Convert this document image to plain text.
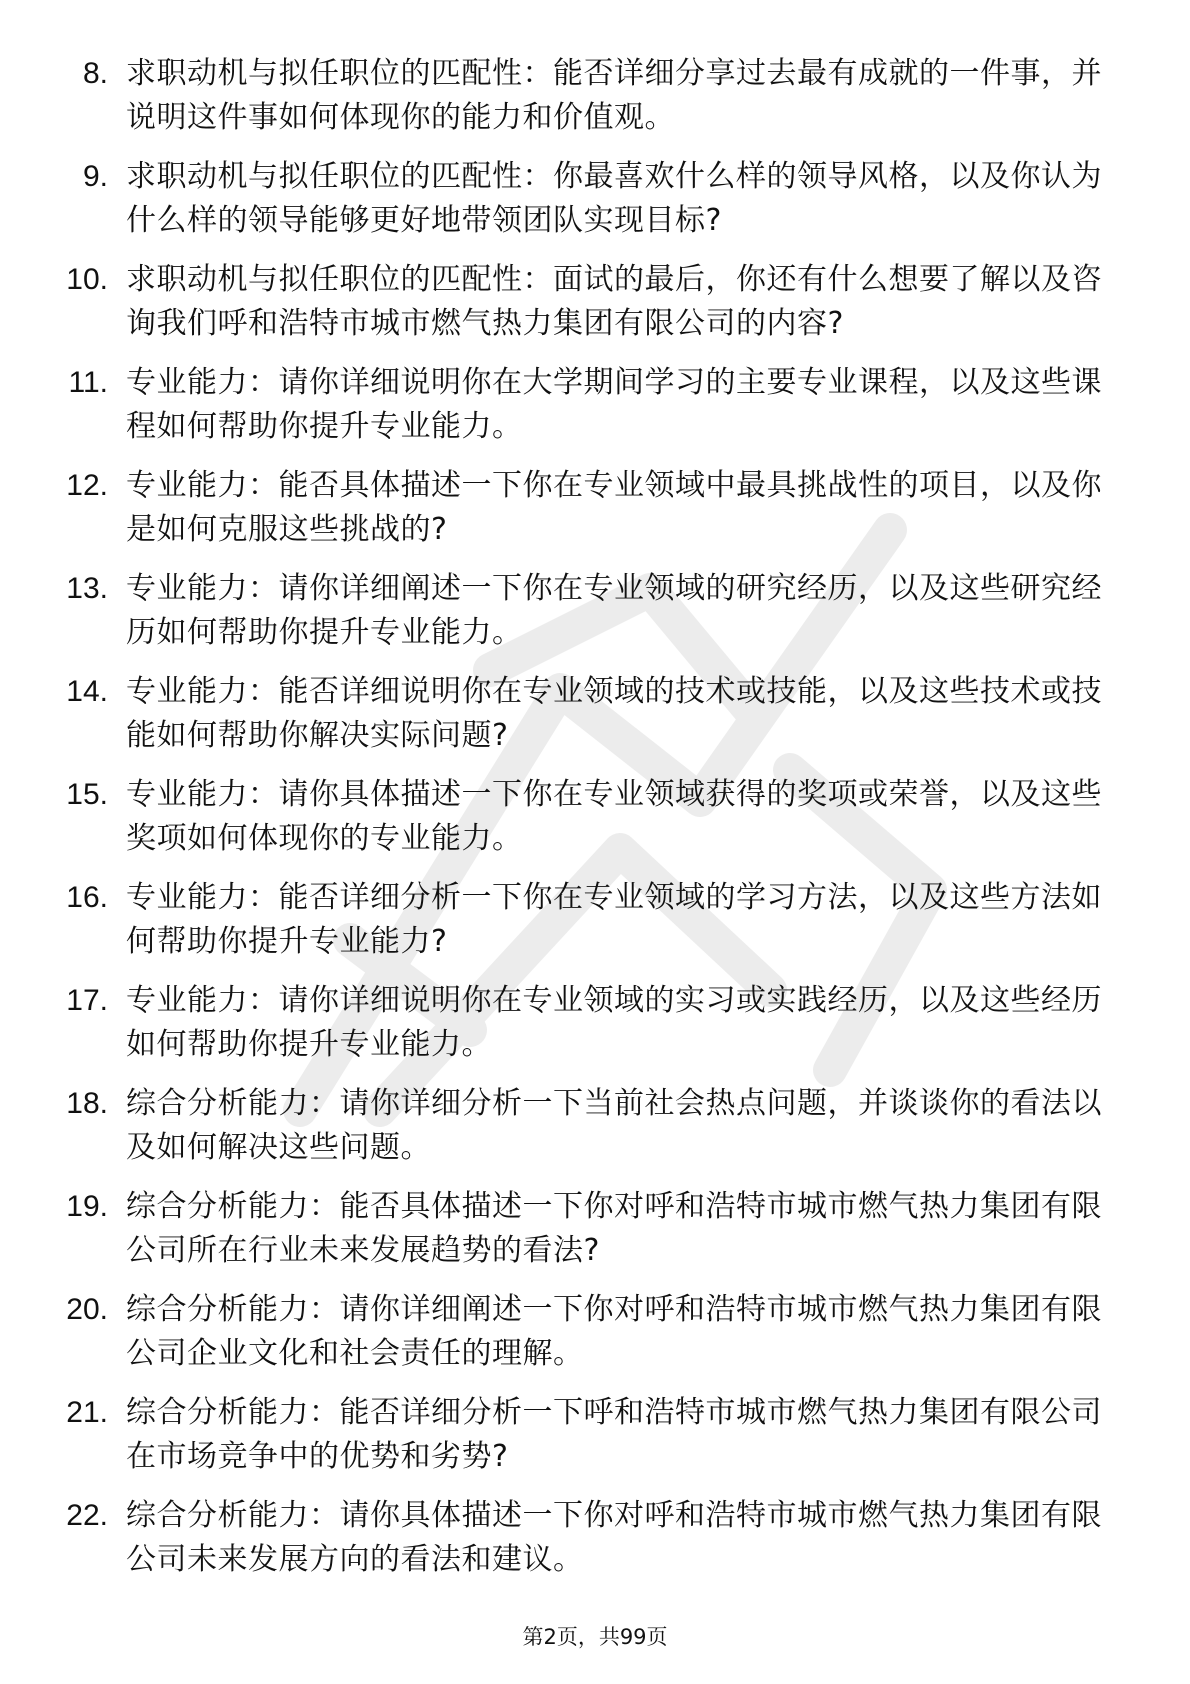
8. 求职动机与拟任职位的匹配性：能否详细分享过去最有成就的一件事，并说明这件事如何体现你的能力和价值观。
9. 求职动机与拟任职位的匹配性：你最喜欢什么样的领导风格，以及你认为什么样的领导能够更好地带领团队实现目标?
10. 求职动机与拟任职位的匹配性：面试的最后，你还有什么想要了解以及咨询我们呼和浩特市城市燃气热力集团有限公司的内容?
11. 专业能力：请你详细说明你在大学期间学习的主要专业课程，以及这些课程如何帮助你提升专业能力。
12. 专业能力：能否具体描述一下你在专业领域中最具挑战性的项目，以及你是如何克服这些挑战的?
13. 专业能力：请你详细阐述一下你在专业领域的研究经历，以及这些研究经历如何帮助你提升专业能力。
14. 专业能力：能否详细说明你在专业领域的技术或技能，以及这些技术或技能如何帮助你解决实际问题?
15. 专业能力：请你具体描述一下你在专业领域获得的奖项或荣誉，以及这些奖项如何体现你的专业能力。
16. 专业能力：能否详细分析一下你在专业领域的学习方法，以及这些方法如何帮助你提升专业能力?
17. 专业能力：请你详细说明你在专业领域的实习或实践经历，以及这些经历如何帮助你提升专业能力。
18. 综合分析能力：请你详细分析一下当前社会热点问题，并谈谈你的看法以及如何解决这些问题。
19. 综合分析能力：能否具体描述一下你对呼和浩特市城市燃气热力集团有限公司所在行业未来发展趋势的看法?
20. 综合分析能力：请你详细阐述一下你对呼和浩特市城市燃气热力集团有限公司企业文化和社会责任的理解。
21. 综合分析能力：能否详细分析一下呼和浩特市城市燃气热力集团有限公司在市场竞争中的优势和劣势?
22. 综合分析能力：请你具体描述一下你对呼和浩特市城市燃气热力集团有限公司未来发展方向的看法和建议。
第2页，共99页
